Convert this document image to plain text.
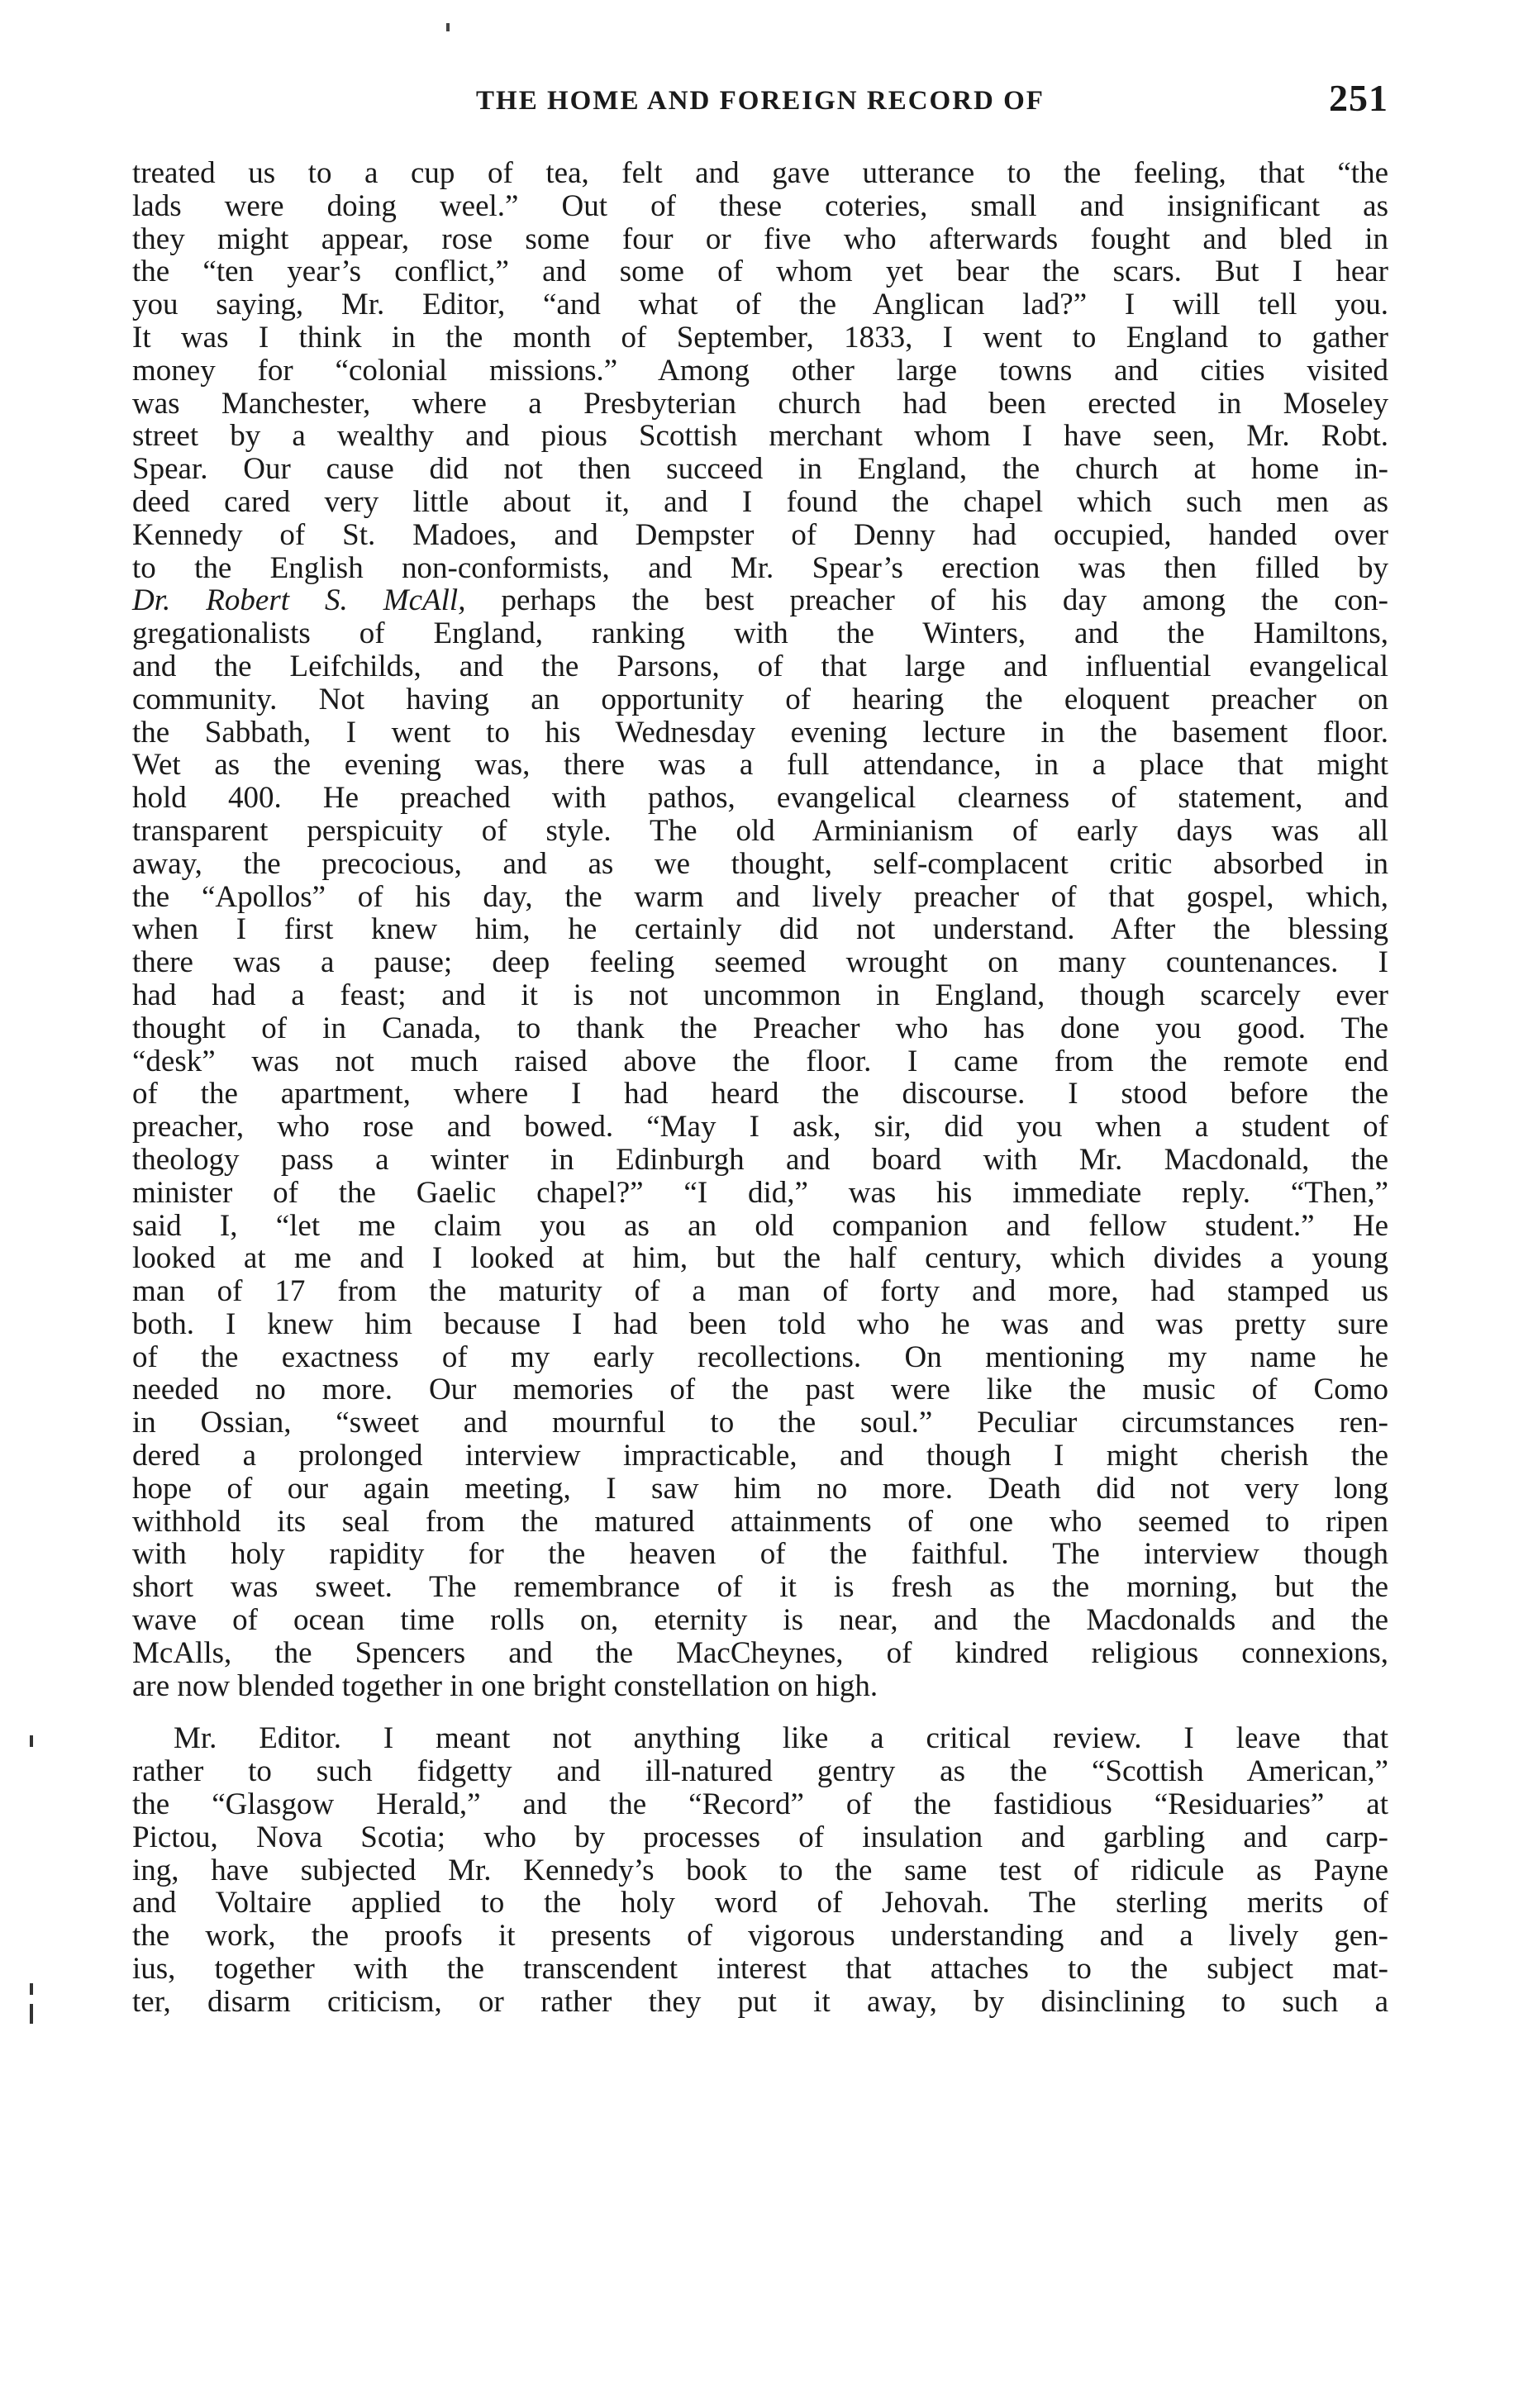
THE HOME AND FOREIGN RECORD OF	251
treated us to a cup of tea, felt and gave utterance to the feeling, that “the
lads were doing weel.” Out of these coteries, small and insignificant as
they might appear, rose some four or five who afterwards fought and bled in
the “ten year’s conflict,” and some of whom yet bear the scars. But I hear
you saying, Mr. Editor, “and what of the Anglican lad?” I will tell you.
It was I think in the month of September, 1833, I went to England to gather
money for “colonial missions.” Among other large towns and cities visited
was Manchester, where a Presbyterian church had been erected in Moseley
street by a wealthy and pious Scottish merchant whom I have seen, Mr. Robt.
Spear. Our cause did not then succeed in England, the church at home in-
deed cared very little about it, and I found the chapel which such men as
Kennedy of St. Madoes, and Dempster of Denny had occupied, handed over
to the English non-conformists, and Mr. Spear’s erection was then filled by
Dr. Robert S. McAll, perhaps the best preacher of his day among the con-
gregationalists of England, ranking with the Winters, and the Hamiltons,
and the Leifchilds, and the Parsons, of that large and influential evangelical
community. Not having an opportunity of hearing the eloquent preacher on
the Sabbath, I went to his Wednesday evening lecture in the basement floor.
Wet as the evening was, there was a full attendance, in a place that might
hold 400. He preached with pathos, evangelical clearness of statement, and
transparent perspicuity of style. The old Arminianism of early days was all
away, the precocious, and as we thought, self-complacent critic absorbed in
the “Apollos” of his day, the warm and lively preacher of that gospel, which,
when I first knew him, he certainly did not understand. After the blessing
there was a pause; deep feeling seemed wrought on many countenances. I
had had a feast; and it is not uncommon in England, though scarcely ever
thought of in Canada, to thank the Preacher who has done you good. The
“desk” was not much raised above the floor. I came from the remote end
of the apartment, where I had heard the discourse. I stood before the
preacher, who rose and bowed. “May I ask, sir, did you when a student of
theology pass a winter in Edinburgh and board with Mr. Macdonald, the
minister of the Gaelic chapel?” “I did,” was his immediate reply. “Then,”
said I, “let me claim you as an old companion and fellow student.” He
looked at me and I looked at him, but the half century, which divides a young
man of 17 from the maturity of a man of forty and more, had stamped us
both. I knew him because I had been told who he was and was pretty sure
of the exactness of my early recollections. On mentioning my name he
needed no more. Our memories of the past were like the music of Como
in Ossian, “sweet and mournful to the soul.” Peculiar circumstances ren-
dered a prolonged interview impracticable, and though I might cherish the
hope of our again meeting, I saw him no more. Death did not very long
withhold its seal from the matured attainments of one who seemed to ripen
with holy rapidity for the heaven of the faithful. The interview though
short was sweet. The remembrance of it is fresh as the morning, but the
wave of ocean time rolls on, eternity is near, and the Macdonalds and the
McAlls, the Spencers and the MacCheynes, of kindred religious connexions,
are now blended together in one bright constellation on high.
Mr. Editor. I meant not anything like a critical review. I leave that
rather to such fidgetty and ill-natured gentry as the “Scottish American,”
the “Glasgow Herald,” and the “Record” of the fastidious “Residuaries” at
Pictou, Nova Scotia; who by processes of insulation and garbling and carp-
ing, have subjected Mr. Kennedy’s book to the same test of ridicule as Payne
and Voltaire applied to the holy word of Jehovah. The sterling merits of
the work, the proofs it presents of vigorous understanding and a lively gen-
ius, together with the transcendent interest that attaches to the subject mat-
ter, disarm criticism, or rather they put it away, by disinclining to such a
